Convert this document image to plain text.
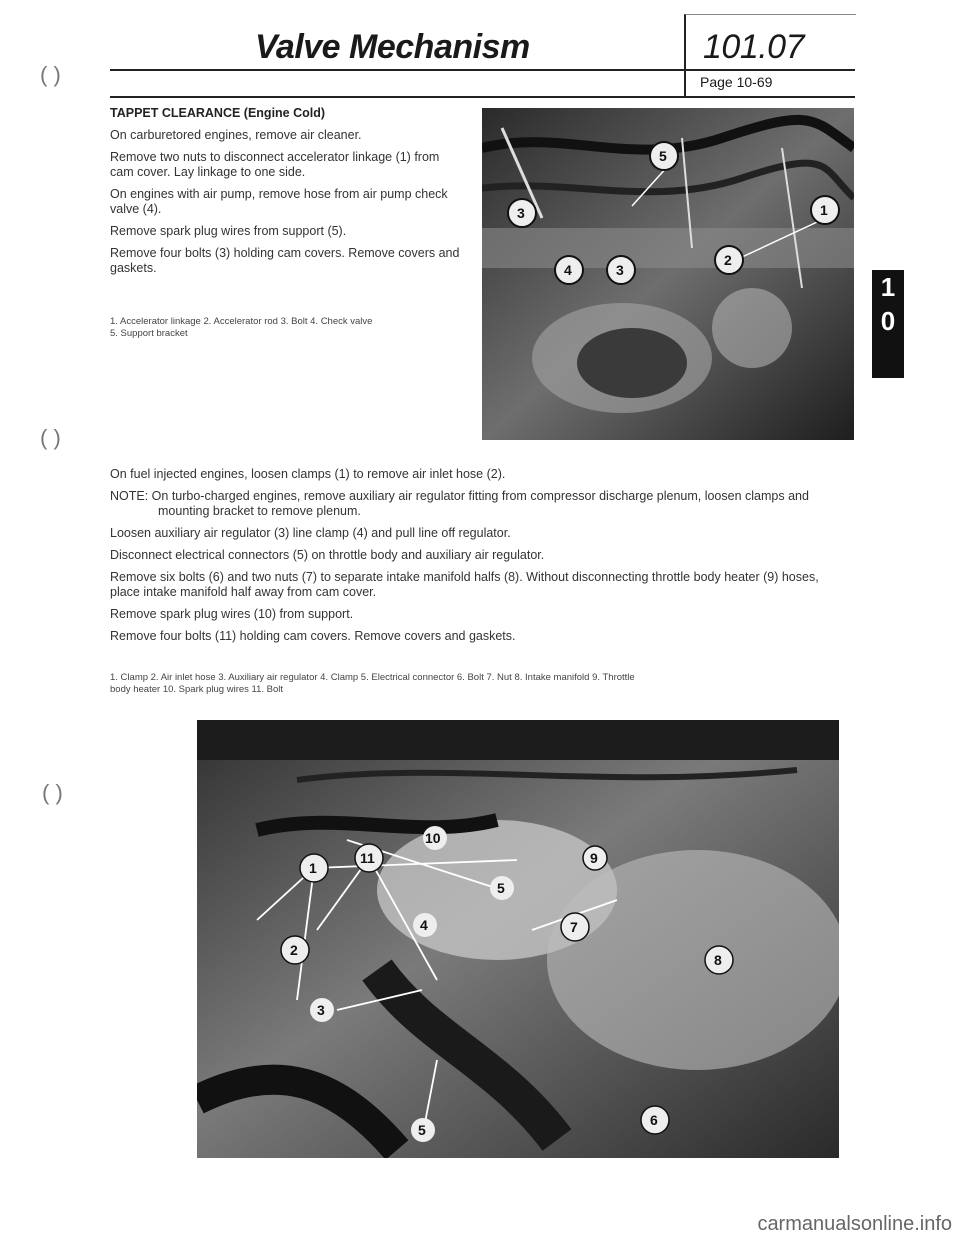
Valve Mechanism	101.07
Page 10-69
( )
( )
( )
TAPPET CLEARANCE (Engine Cold)
On carburetored engines, remove air cleaner.
Remove two nuts to disconnect accelerator linkage (1) from
cam cover. Lay linkage to one side.
On engines with air pump, remove hose from air pump check
valve (4).
Remove spark plug wires from support (5).
Remove four bolts (3) holding cam covers. Remove covers and
gaskets.
1. Accelerator linkage 2. Accelerator rod 3. Bolt 4. Check valve
5. Support bracket
5
3	1
4	3
2
1
0
On fuel injected engines, loosen clamps (1) to remove air inlet hose (2).
NOTE: On turbo-charged engines, remove auxiliary air regulator fitting from compressor discharge plenum, loosen clamps and
mounting bracket to remove plenum.
Loosen auxiliary air regulator (3) line clamp (4) and pull line off regulator.
Disconnect electrical connectors (5) on throttle body and auxiliary air regulator.
Remove six bolts (6) and two nuts (7) to separate intake manifold halfs (8). Without disconnecting throttle body heater (9) hoses,
place intake manifold half away from cam cover.
Remove spark plug wires (10) from support.
Remove four bolts (11) holding cam covers. Remove covers and gaskets.
1. Clamp 2. Air inlet hose 3. Auxiliary air regulator 4. Clamp 5. Electrical connector 6. Bolt 7. Nut 8. Intake manifold 9. Throttle
body heater 10. Spark plug wires 11. Bolt
10
9
1
5
11
4	7
2
3
8
5
6
carmanualsonline.info
